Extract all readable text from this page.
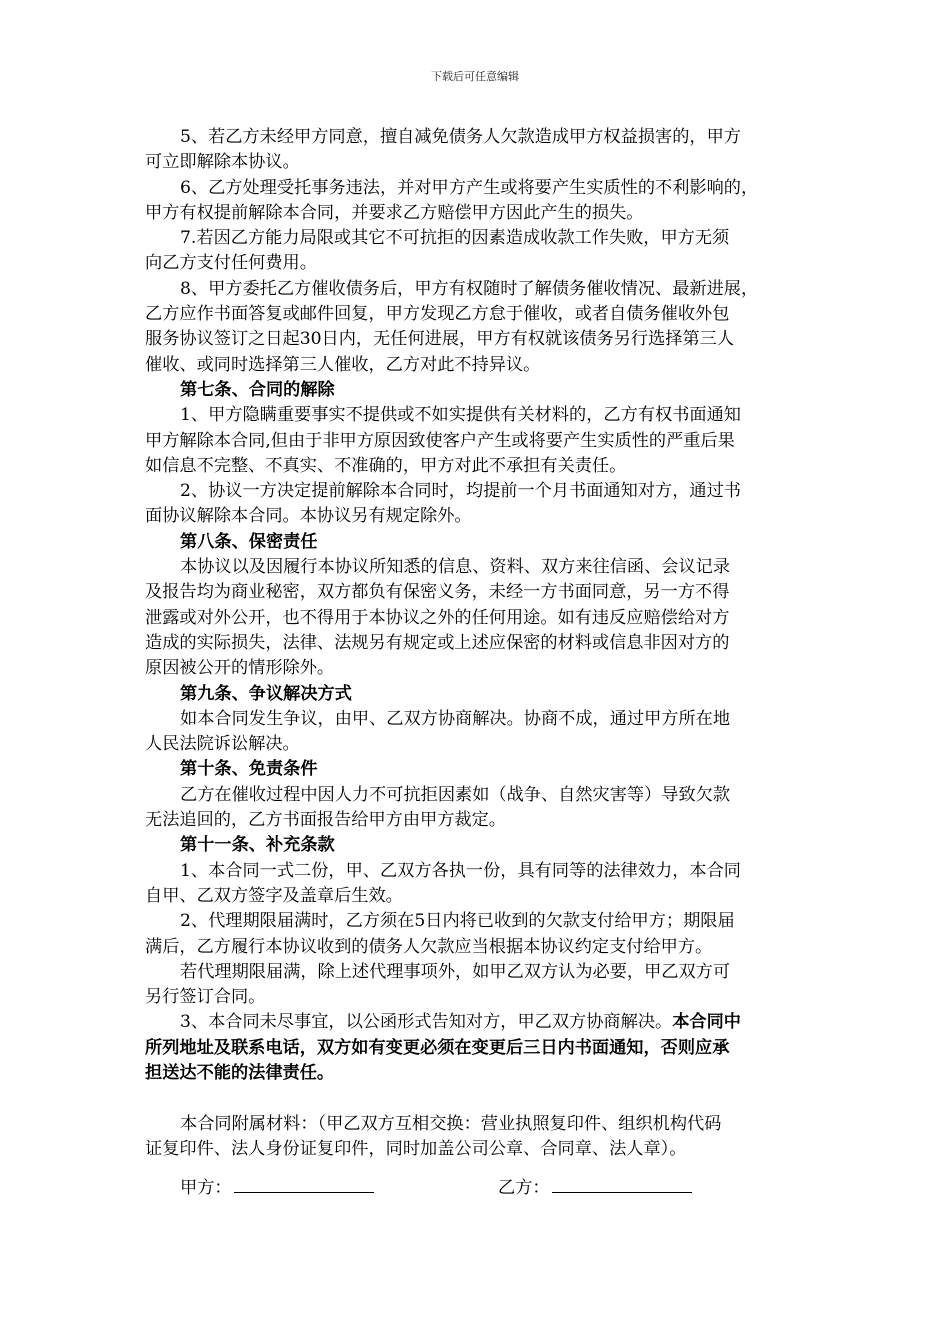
下载后可任意编辑
5、若乙方未经甲方同意，擅自减免债务人欠款造成甲方权益损害的，甲方
可立即解除本协议。
6、乙方处理受托事务违法，并对甲方产生或将要产生实质性的不利影响的，
甲方有权提前解除本合同，并要求乙方赔偿甲方因此产生的损失。
7.若因乙方能力局限或其它不可抗拒的因素造成收款工作失败，甲方无须
向乙方支付任何费用。
8、甲方委托乙方催收债务后，甲方有权随时了解债务催收情况、最新进展，
乙方应作书面答复或邮件回复，甲方发现乙方怠于催收，或者自债务催收外包
服务协议签订之日起30日内，无任何进展，甲方有权就该债务另行选择第三人
催收、或同时选择第三人催收，乙方对此不持异议。
第七条、合同的解除
1、甲方隐瞒重要事实不提供或不如实提供有关材料的，乙方有权书面通知
甲方解除本合同,但由于非甲方原因致使客户产生或将要产生实质性的严重后果
如信息不完整、不真实、不准确的，甲方对此不承担有关责任。
2、协议一方决定提前解除本合同时，均提前一个月书面通知对方，通过书
面协议解除本合同。本协议另有规定除外。
第八条、保密责任
本协议以及因履行本协议所知悉的信息、资料、双方来往信函、会议记录
及报告均为商业秘密，双方都负有保密义务，未经一方书面同意，另一方不得
泄露或对外公开，也不得用于本协议之外的任何用途。如有违反应赔偿给对方
造成的实际损失，法律、法规另有规定或上述应保密的材料或信息非因对方的
原因被公开的情形除外。
第九条、争议解决方式
如本合同发生争议，由甲、乙双方协商解决。协商不成，通过甲方所在地
人民法院诉讼解决。
第十条、免责条件
乙方在催收过程中因人力不可抗拒因素如（战争、自然灾害等）导致欠款
无法追回的，乙方书面报告给甲方由甲方裁定。
第十一条、补充条款
1、本合同一式二份，甲、乙双方各执一份，具有同等的法律效力，本合同
自甲、乙双方签字及盖章后生效。
2、代理期限届满时，乙方须在5日内将已收到的欠款支付给甲方；期限届
满后，乙方履行本协议收到的债务人欠款应当根据本协议约定支付给甲方。
若代理期限届满，除上述代理事项外，如甲乙双方认为必要，甲乙双方可
另行签订合同。
3、本合同未尽事宜，以公函形式告知对方，甲乙双方协商解决。本合同中
所列地址及联系电话，双方如有变更必须在变更后三日内书面通知，否则应承
担送达不能的法律责任。
本合同附属材料：（甲乙双方互相交换：营业执照复印件、组织机构代码
证复印件、法人身份证复印件，同时加盖公司公章、合同章、法人章）。
甲方：	乙方：
